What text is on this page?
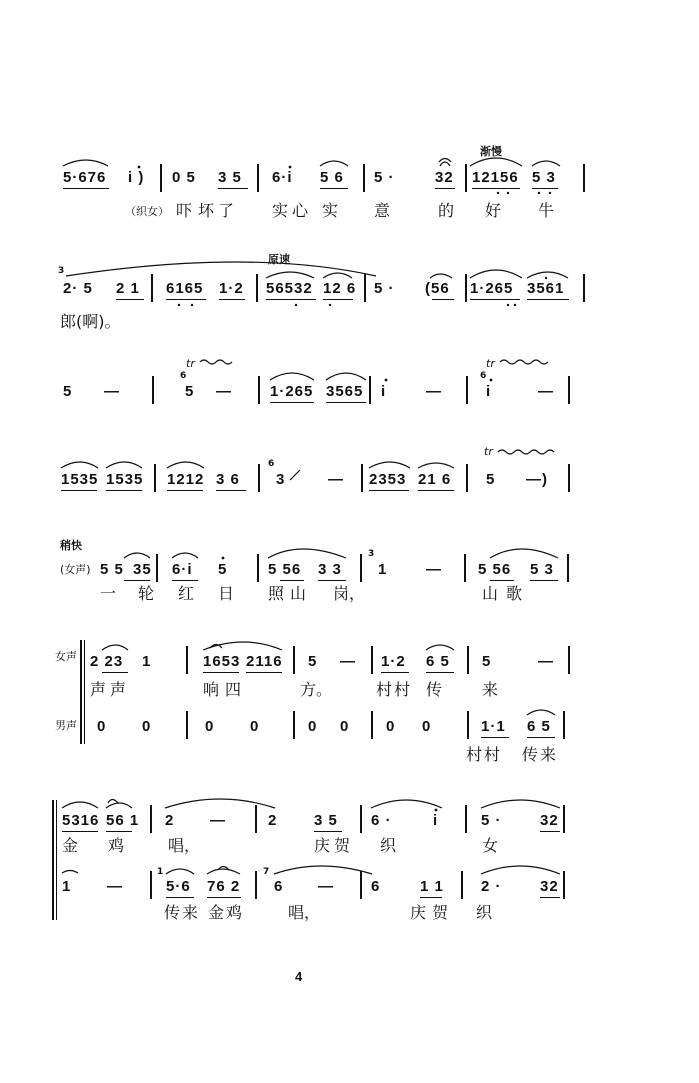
渐慢
5·676 i ) 0 5 3 5 6·i 5 6 5 ·	32 12156 5 3
（织女） 吓 坏了 实心 实 意	的 好 牛
原速
3
2· 5 2 1 6165 1·2 56532 12 6 5 · (56 1·265 3561
郎(啊)。
5 —
tr
6
5 —	1·265 3565 i	—
tr
6
i	—
1535 1535 1212 3 6
6
3	— 2353 21 6
tr
5 —)
稍快
(女声) 5 5 35 6·i 5	5 56 3 3
3
1	— 5 56 5 3
一 轮 红 日 照山 岗，	山歌
女声
男声
2 23 1	1653 2116 5 — 1·2 6 5 5	—
声声	响四	方。	村村 传 来
0 0	0 0	0 0 0 0	1·1 6 5
村村 传来
5316 56 1 2 —	2 3 5 6 ·	i	5 ·	32
金 鸡	唱，	庆贺 织	女
1 —
1
5·6 76 2
7
6 — 6	1 1 2 ·	32
传来 金鸡	唱，	庆贺 织
4
